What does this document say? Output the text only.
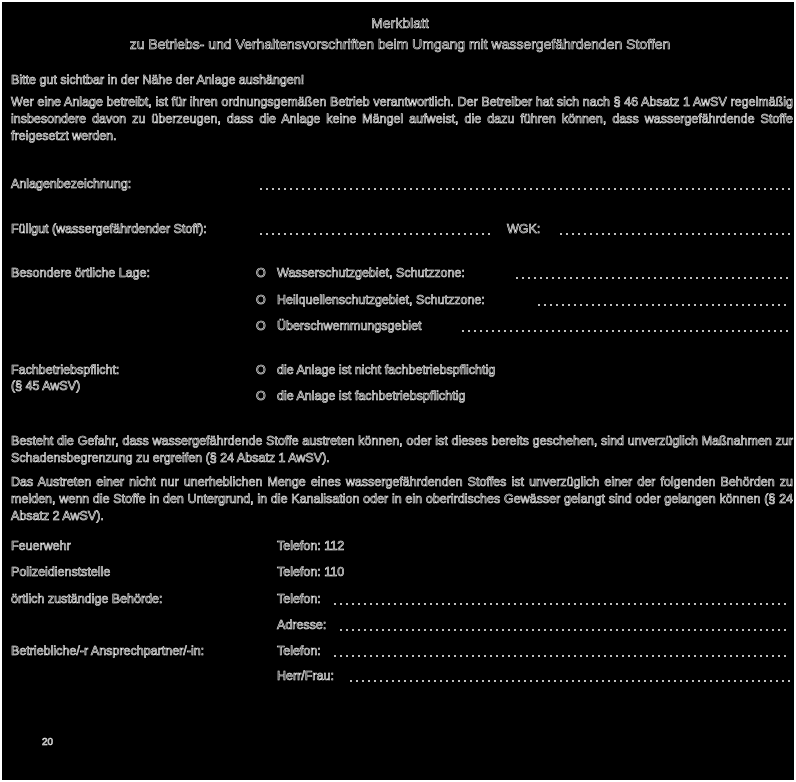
Merkblatt
zu Betriebs- und Verhaltensvorschriften beim Umgang mit wassergefährdenden Stoffen
Bitte gut sichtbar in der Nähe der Anlage aushängen!
Wer eine Anlage betreibt, ist für ihren ordnungsgemäßen Betrieb verantwortlich. Der Betreiber hat sich nach § 46 Absatz 1 AwSV regelmäßig insbesondere davon zu überzeugen, dass die Anlage keine Mängel aufweist, die dazu führen können, dass wassergefährdende Stoffe freigesetzt werden.
Anlagenbezeichnung:
Füllgut (wassergefährdender Stoff):	WGK:
Besondere örtliche Lage:	O Wasserschutzgebiet, Schutzzone:
O Heilquellenschutzgebiet, Schutzzone:
O Überschwemmungsgebiet
Fachbetriebspflicht:
(§ 45 AwSV)
O die Anlage ist nicht fachbetriebspflichtig
O die Anlage ist fachbetriebspflichtig
Besteht die Gefahr, dass wassergefährdende Stoffe austreten können, oder ist dieses bereits geschehen, sind unverzüglich Maßnahmen zur Schadensbegrenzung zu ergreifen (§ 24 Absatz 1 AwSV).
Das Austreten einer nicht nur unerheblichen Menge eines wassergefährdenden Stoffes ist unverzüglich einer der folgenden Behörden zu melden, wenn die Stoffe in den Untergrund, in die Kanalisation oder in ein oberirdisches Gewässer gelangt sind oder gelangen können (§ 24 Absatz 2 AwSV).
Feuerwehr	Telefon: 112
Polizeidienststelle	Telefon: 110
örtlich zuständige Behörde:	Telefon:
Adresse:
Betriebliche/-r Ansprechpartner/-in:	Telefon:
Herr/Frau:
20
